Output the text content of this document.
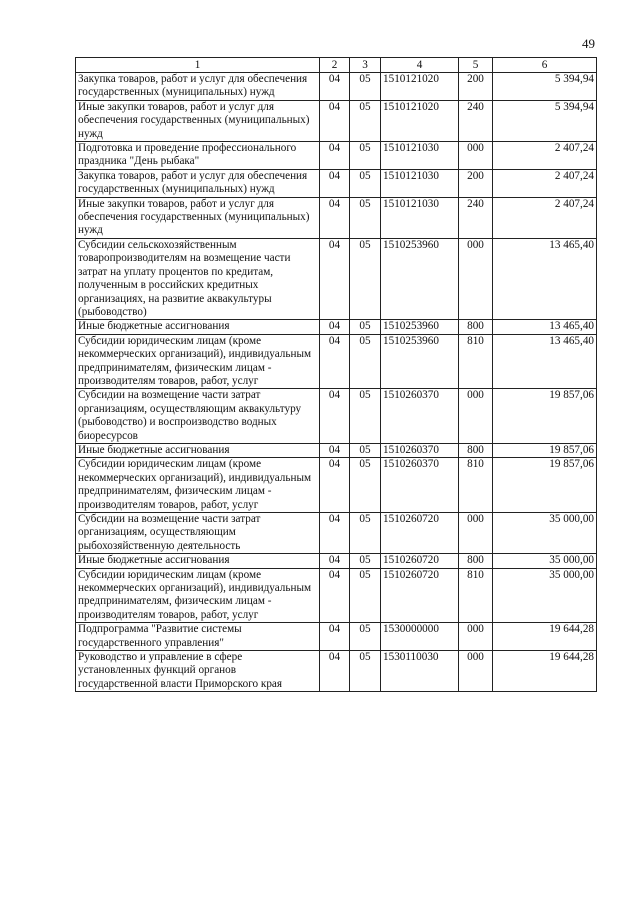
49
1	2	3	4	5	6
Закупка товаров, работ и услуг для обеспечения государственных (муниципальных) нужд	04	05	1510121020	200	5 394,94
Иные закупки товаров, работ и услуг для обеспечения государственных (муниципальных) нужд	04	05	1510121020	240	5 394,94
Подготовка и проведение профессионального праздника "День рыбака"	04	05	1510121030	000	2 407,24
Закупка товаров, работ и услуг для обеспечения государственных (муниципальных) нужд	04	05	1510121030	200	2 407,24
Иные закупки товаров, работ и услуг для обеспечения государственных (муниципальных) нужд	04	05	1510121030	240	2 407,24
Субсидии сельскохозяйственным товаропроизводителям на возмещение части затрат на уплату процентов по кредитам, полученным в российских кредитных организациях, на развитие аквакультуры (рыбоводство)	04	05	1510253960	000	13 465,40
Иные бюджетные ассигнования	04	05	1510253960	800	13 465,40
Субсидии юридическим лицам (кроме некоммерческих организаций), индивидуальным предпринимателям, физическим лицам - производителям товаров, работ, услуг	04	05	1510253960	810	13 465,40
Субсидии на возмещение части затрат организациям, осуществляющим аквакультуру (рыбоводство) и воспроизводство водных биоресурсов	04	05	1510260370	000	19 857,06
Иные бюджетные ассигнования	04	05	1510260370	800	19 857,06
Субсидии юридическим лицам (кроме некоммерческих организаций), индивидуальным предпринимателям, физическим лицам - производителям товаров, работ, услуг	04	05	1510260370	810	19 857,06
Субсидии на возмещение части затрат организациям, осуществляющим рыбохозяйственную деятельность	04	05	1510260720	000	35 000,00
Иные бюджетные ассигнования	04	05	1510260720	800	35 000,00
Субсидии юридическим лицам (кроме некоммерческих организаций), индивидуальным предпринимателям, физическим лицам - производителям товаров, работ, услуг	04	05	1510260720	810	35 000,00
Подпрограмма "Развитие системы государственного управления"	04	05	1530000000	000	19 644,28
Руководство и управление в сфере установленных функций органов государственной власти Приморского края	04	05	1530110030	000	19 644,28
